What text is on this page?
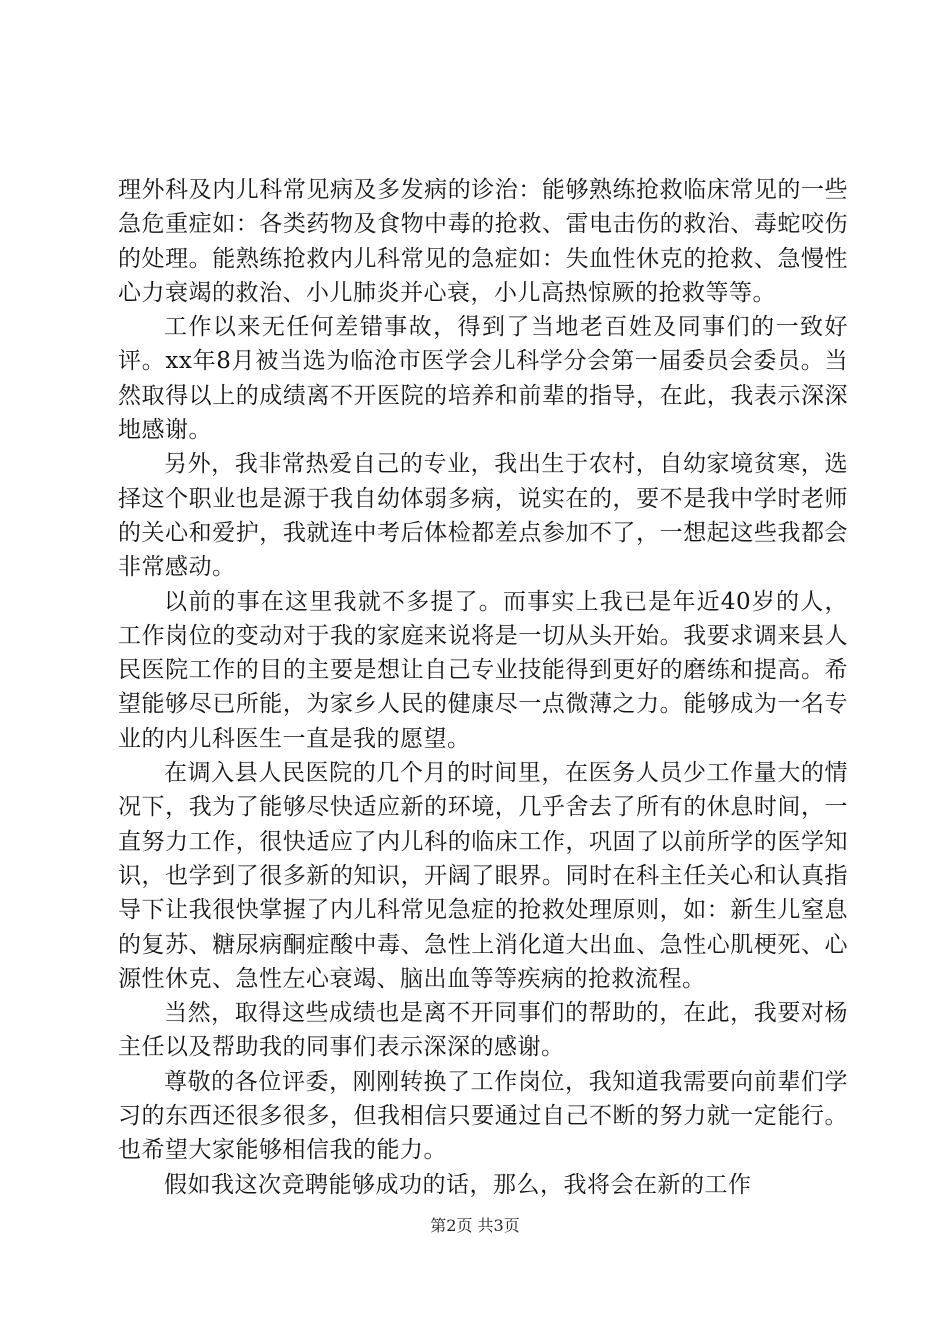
理外科及内儿科常见病及多发病的诊治：能够熟练抢救临床常见的一些急危重症如：各类药物及食物中毒的抢救、雷电击伤的救治、毒蛇咬伤的处理。能熟练抢救内儿科常见的急症如：失血性休克的抢救、急慢性心力衰竭的救治、小儿肺炎并心衰，小儿高热惊厥的抢救等等。

工作以来无任何差错事故，得到了当地老百姓及同事们的一致好评。xx年8月被当选为临沧市医学会儿科学分会第一届委员会委员。当然取得以上的成绩离不开医院的培养和前辈的指导，在此，我表示深深地感谢。

另外，我非常热爱自己的专业，我出生于农村，自幼家境贫寒，选择这个职业也是源于我自幼体弱多病，说实在的，要不是我中学时老师的关心和爱护，我就连中考后体检都差点参加不了，一想起这些我都会非常感动。

以前的事在这里我就不多提了。而事实上我已是年近40岁的人，工作岗位的变动对于我的家庭来说将是一切从头开始。我要求调来县人民医院工作的目的主要是想让自己专业技能得到更好的磨练和提高。希望能够尽已所能，为家乡人民的健康尽一点微薄之力。能够成为一名专业的内儿科医生一直是我的愿望。

在调入县人民医院的几个月的时间里，在医务人员少工作量大的情况下，我为了能够尽快适应新的环境，几乎舍去了所有的休息时间，一直努力工作，很快适应了内儿科的临床工作，巩固了以前所学的医学知识，也学到了很多新的知识，开阔了眼界。同时在科主任关心和认真指导下让我很快掌握了内儿科常见急症的抢救处理原则，如：新生儿窒息的复苏、糖尿病酮症酸中毒、急性上消化道大出血、急性心肌梗死、心源性休克、急性左心衰竭、脑出血等等疾病的抢救流程。

当然，取得这些成绩也是离不开同事们的帮助的，在此，我要对杨主任以及帮助我的同事们表示深深的感谢。

尊敬的各位评委，刚刚转换了工作岗位，我知道我需要向前辈们学习的东西还很多很多，但我相信只要通过自己不断的努力就一定能行。也希望大家能够相信我的能力。

假如我这次竞聘能够成功的话，那么，我将会在新的工作

第2页 共3页
